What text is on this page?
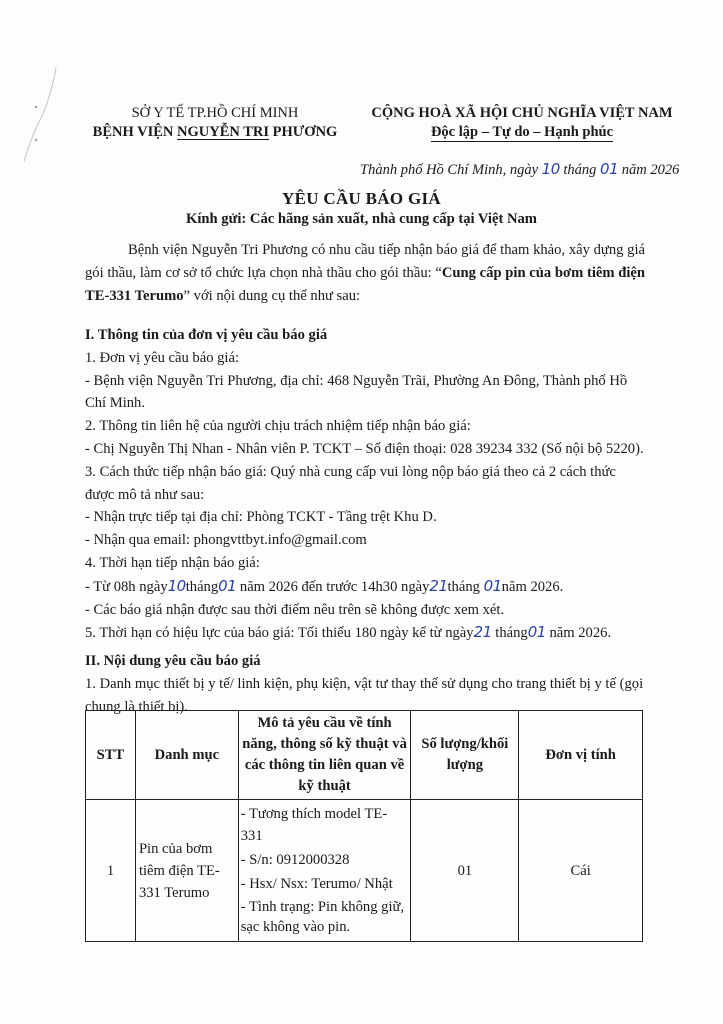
SỞ Y TẾ TP.HỒ CHÍ MINH
BỆNH VIỆN NGUYỄN TRI PHƯƠNG
CỘNG HOÀ XÃ HỘI CHỦ NGHĨA VIỆT NAM
Độc lập – Tự do – Hạnh phúc
Thành phố Hồ Chí Minh, ngày 10 tháng 01 năm 2026
YÊU CẦU BÁO GIÁ
Kính gửi: Các hãng sản xuất, nhà cung cấp tại Việt Nam
Bệnh viện Nguyễn Tri Phương có nhu cầu tiếp nhận báo giá để tham khảo, xây dựng giá gói thầu, làm cơ sở tổ chức lựa chọn nhà thầu cho gói thầu: “Cung cấp pin của bơm tiêm điện TE-331 Terumo” với nội dung cụ thể như sau:

I. Thông tin của đơn vị yêu cầu báo giá

1. Đơn vị yêu cầu báo giá:

- Bệnh viện Nguyễn Tri Phương, địa chỉ: 468 Nguyễn Trãi, Phường An Đông, Thành phố Hồ Chí Minh.

2. Thông tin liên hệ của người chịu trách nhiệm tiếp nhận báo giá:

- Chị Nguyễn Thị Nhan - Nhân viên P. TCKT – Số điện thoại: 028 39234 332 (Số nội bộ 5220).

3. Cách thức tiếp nhận báo giá: Quý nhà cung cấp vui lòng nộp báo giá theo cả 2 cách thức được mô tả như sau:

- Nhận trực tiếp tại địa chỉ: Phòng TCKT - Tầng trệt Khu D.

- Nhận qua email: phongvttbyt.info@gmail.com

4. Thời hạn tiếp nhận báo giá:

- Từ 08h ngày10tháng01 năm 2026 đến trước 14h30 ngày21tháng 01năm 2026.

- Các báo giá nhận được sau thời điểm nêu trên sẽ không được xem xét.

5. Thời hạn có hiệu lực của báo giá: Tối thiểu 180 ngày kể từ ngày21 tháng01 năm 2026.

II. Nội dung yêu cầu báo giá

1. Danh mục thiết bị y tế/ linh kiện, phụ kiện, vật tư thay thế sử dụng cho trang thiết bị y tế (gọi chung là thiết bị).

STT	Danh mục	Mô tả yêu cầu về tính năng, thông số kỹ thuật và các thông tin liên quan về kỹ thuật	Số lượng/khối lượng	Đơn vị tính
1	Pin của bơm tiêm điện TE-331 Terumo	- Tương thích model TE-331
- S/n: 0912000328
- Hsx/ Nsx: Terumo/ Nhật
- Tình trạng: Pin không giữ, sạc không vào pin.	01	Cái
